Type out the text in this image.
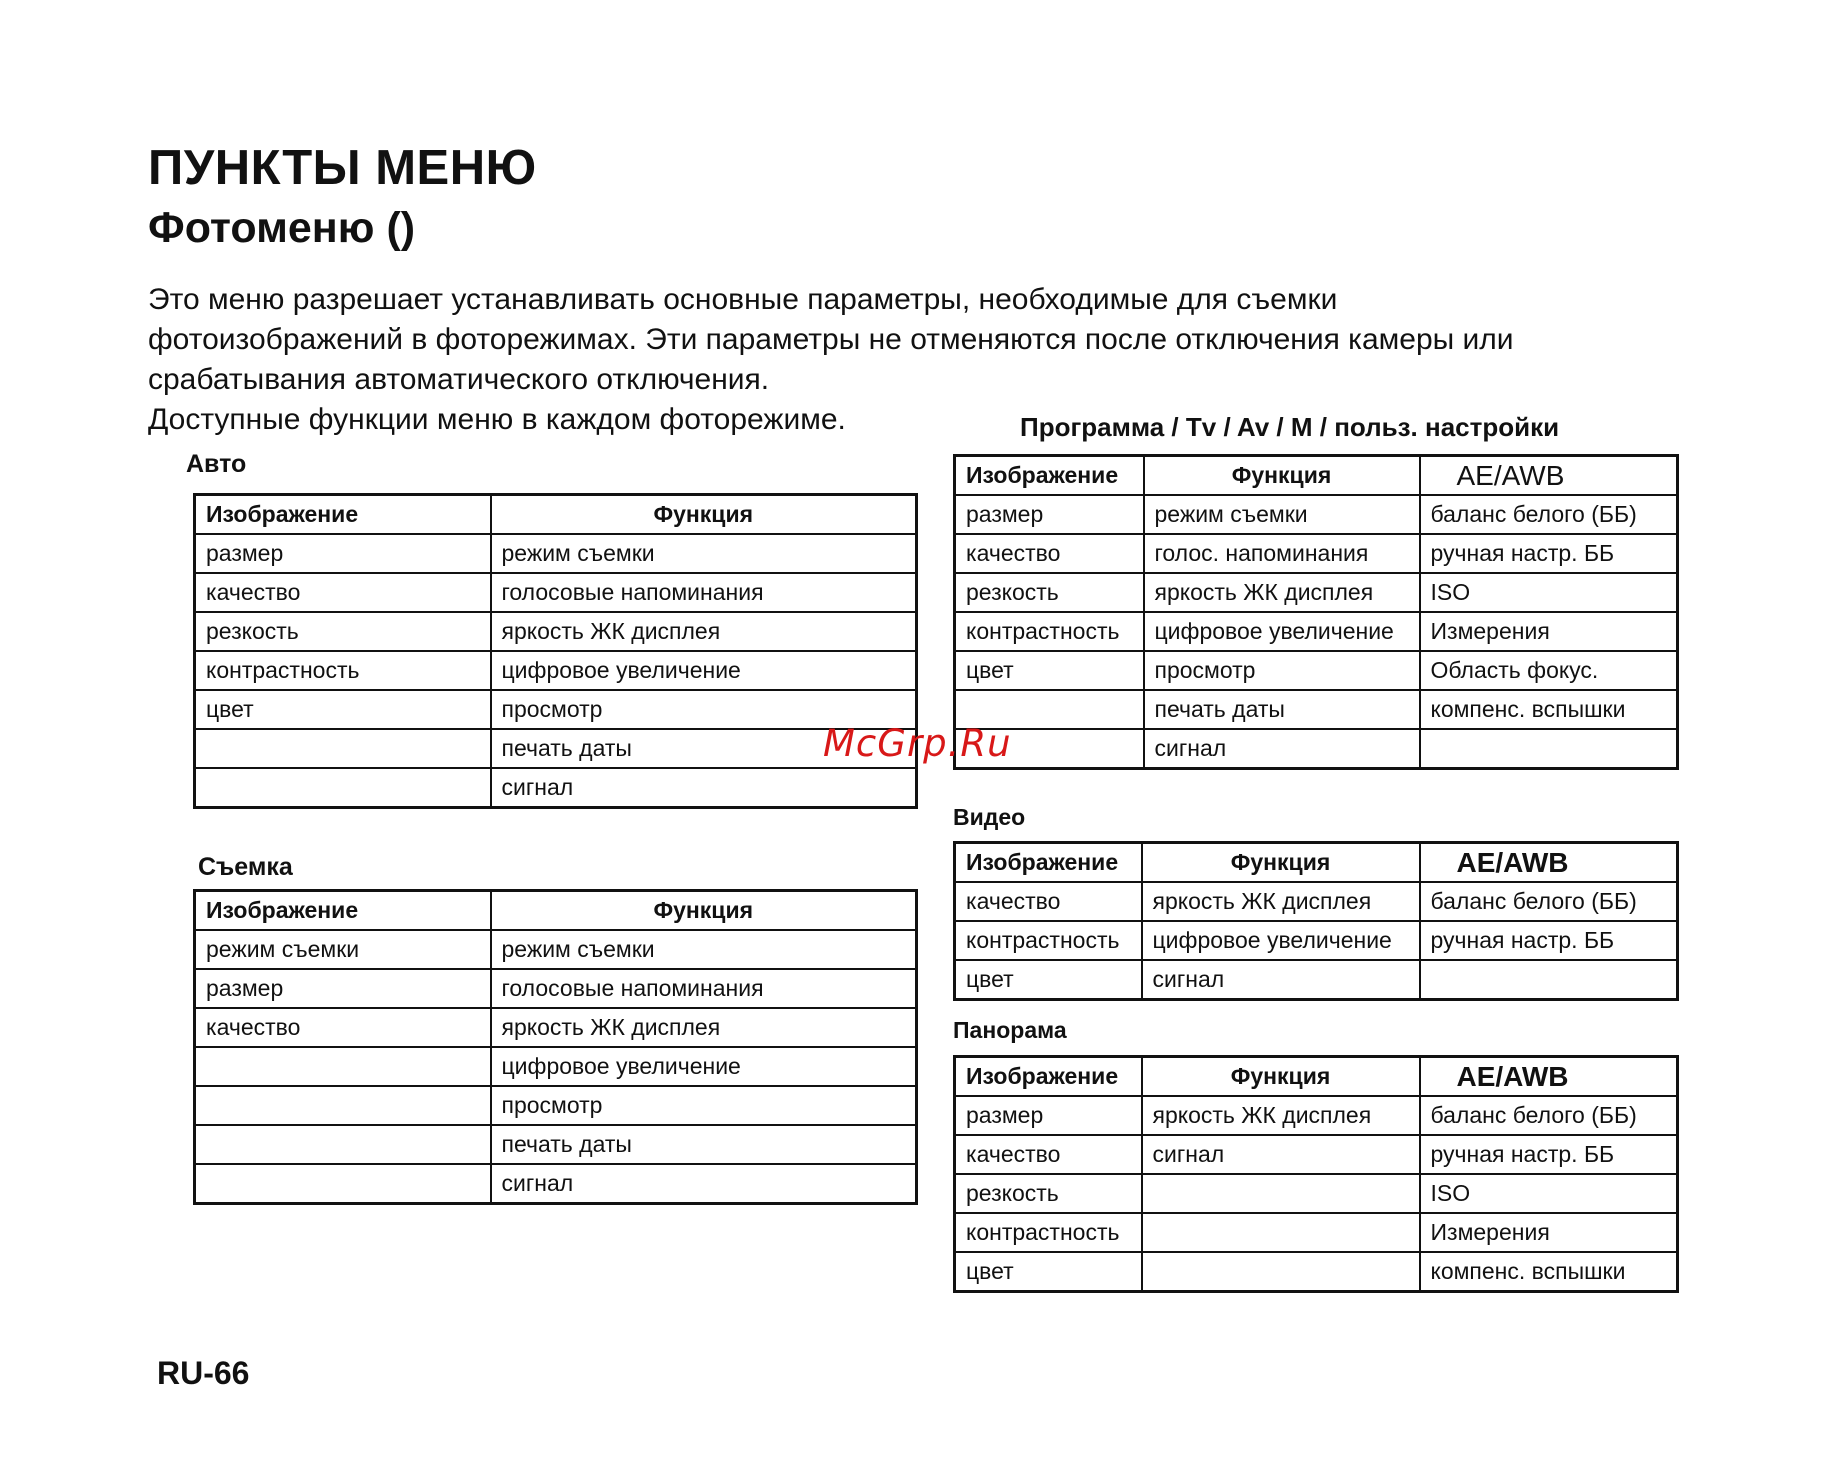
ПУНКТЫ МЕНЮ
Фотоменю ()
Это меню разрешает устанавливать основные параметры, необходимые для съемки
фотоизображений в фоторежимах. Эти параметры не отменяются после отключения камеры или
срабатывания автоматического отключения.
Доступные функции меню в каждом фоторежиме.
Авто
Съемка
Программа / Tv / Av / M / польз. настройки
Видео
Панорама
Изображение	Функция
размер	режим съемки
качество	голосовые напоминания
резкость	яркость ЖК дисплея
контрастность	цифровое увеличение
цвет	просмотр
	печать даты
	сигнал
Изображение	Функция
режим съемки	режим съемки
размер	голосовые напоминания
качество	яркость ЖК дисплея
	цифровое увеличение
	просмотр
	печать даты
	сигнал
Изображение	Функция	AE/AWB
размер	режим съемки	баланс белого (ББ)
качество	голос. напоминания	ручная настр. ББ
резкость	яркость ЖК дисплея	ISO
контрастность	цифровое увеличение	Измерения
цвет	просмотр	Область фокус.
	печать даты	компенс. вспышки
	сигнал	
Изображение	Функция	AE/AWB
качество	яркость ЖК дисплея	баланс белого (ББ)
контрастность	цифровое увеличение	ручная настр. ББ
цвет	сигнал	
Изображение	Функция	AE/AWB
размер	яркость ЖК дисплея	баланс белого (ББ)
качество	сигнал	ручная настр. ББ
резкость		ISO
контрастность		Измерения
цвет		компенс. вспышки
McGrp.Ru
RU-66
